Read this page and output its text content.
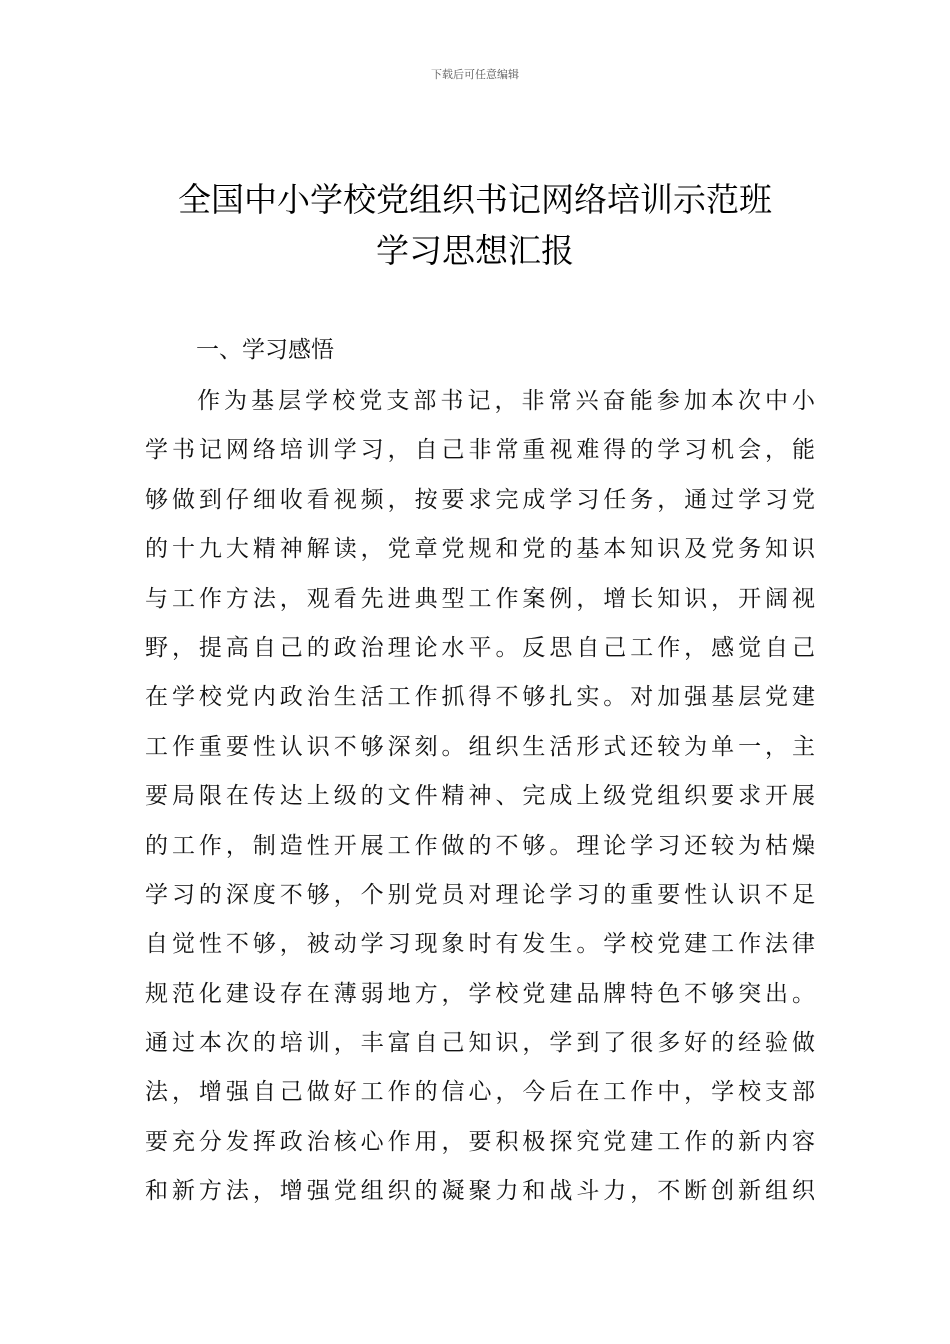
下载后可任意编辑
全国中小学校党组织书记网络培训示范班
学习思想汇报
一、学习感悟
作为基层学校党支部书记，非常兴奋能参加本次中小
学书记网络培训学习，自己非常重视难得的学习机会，能
够做到仔细收看视频，按要求完成学习任务，通过学习党
的十九大精神解读，党章党规和党的基本知识及党务知识
与工作方法，观看先进典型工作案例，增长知识，开阔视
野，提高自己的政治理论水平。反思自己工作，感觉自己
在学校党内政治生活工作抓得不够扎实。对加强基层党建
工作重要性认识不够深刻。组织生活形式还较为单一，主
要局限在传达上级的文件精神、完成上级党组织要求开展
的工作，制造性开展工作做的不够。理论学习还较为枯燥
学习的深度不够，个别党员对理论学习的重要性认识不足
自觉性不够，被动学习现象时有发生。学校党建工作法律
规范化建设存在薄弱地方，学校党建品牌特色不够突出。
通过本次的培训，丰富自己知识，学到了很多好的经验做
法，增强自己做好工作的信心，今后在工作中，学校支部
要充分发挥政治核心作用，要积极探究党建工作的新内容
和新方法，增强党组织的凝聚力和战斗力，不断创新组织
